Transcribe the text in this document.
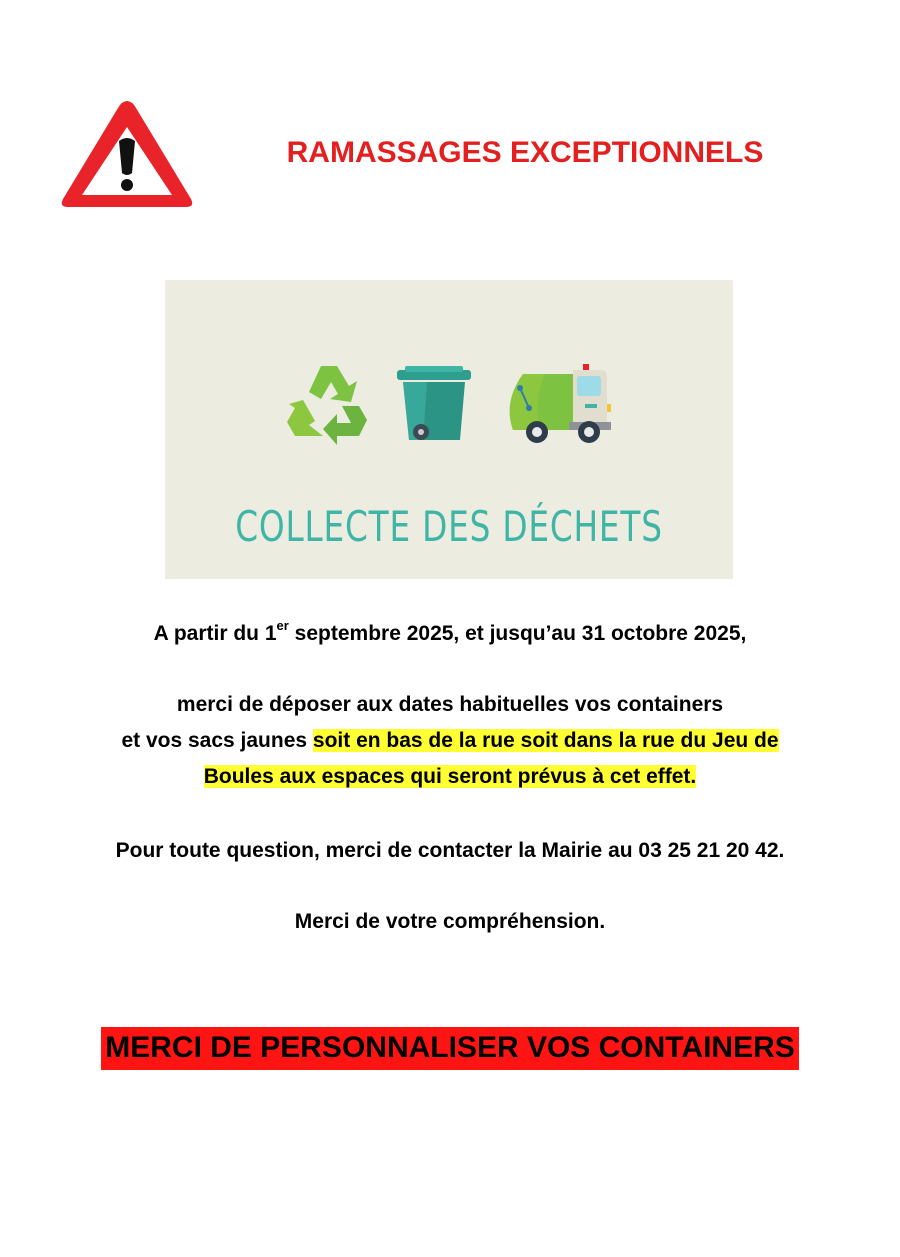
RAMASSAGES EXCEPTIONNELS
COLLECTE DES DÉCHETS
A partir du 1er septembre 2025, et jusqu’au 31 octobre 2025,
merci de déposer aux dates habituelles vos containers
et vos sacs jaunes soit en bas de la rue soit dans la rue du Jeu de
Boules aux espaces qui seront prévus à cet effet.
Pour toute question, merci de contacter la Mairie au 03 25 21 20 42.
Merci de votre compréhension.
MERCI DE PERSONNALISER VOS CONTAINERS
